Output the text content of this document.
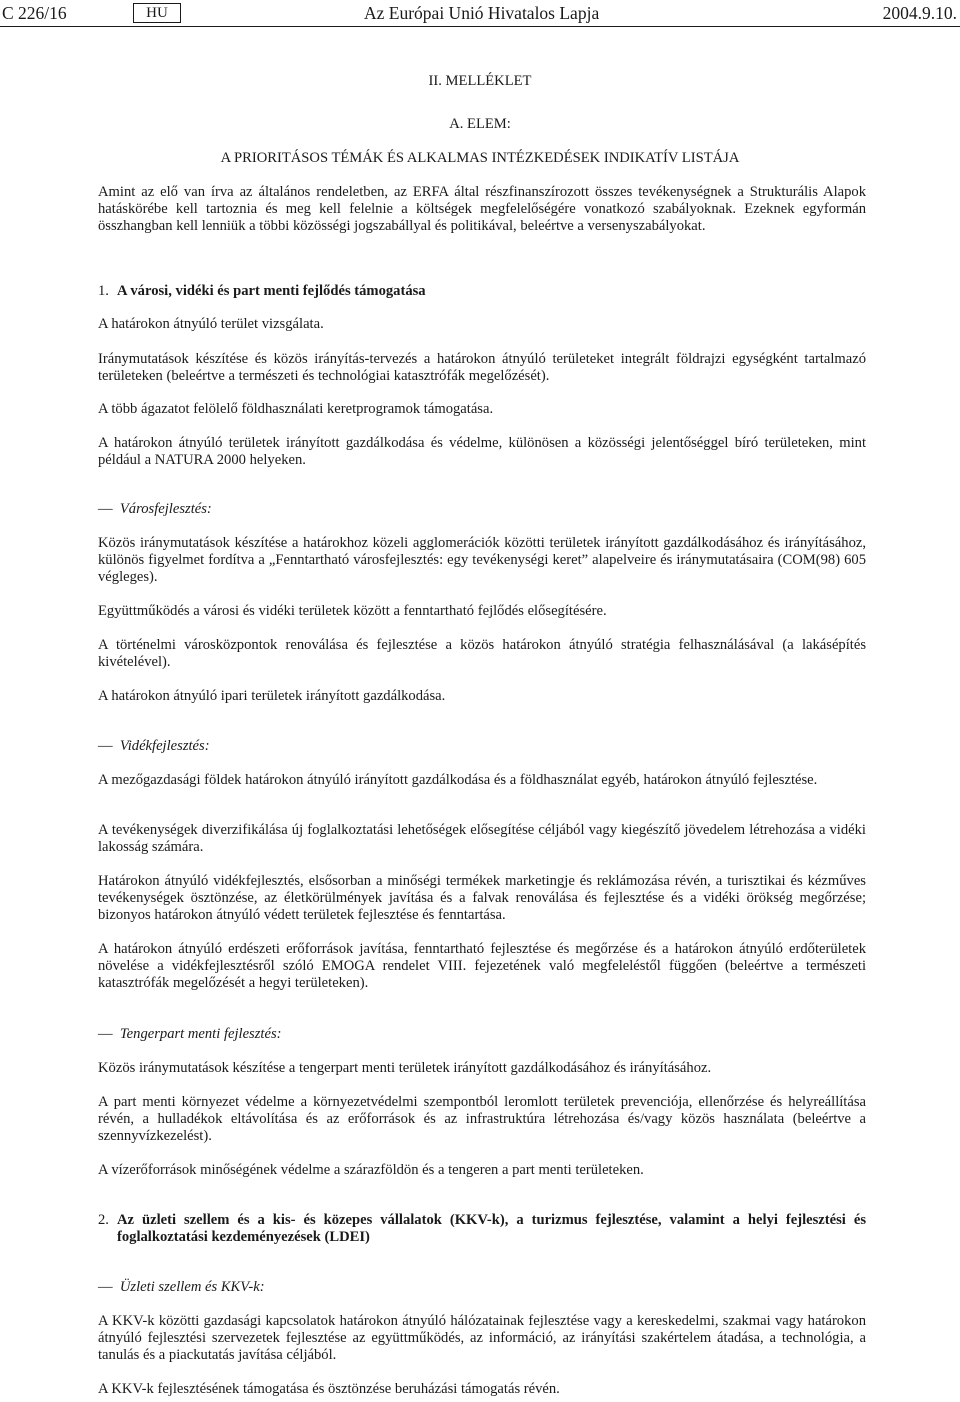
C 226/16	HU	Az Európai Unió Hivatalos Lapja	2004.9.10.
II. MELLÉKLET
A. ELEM:
A PRIORITÁSOS TÉMÁK ÉS ALKALMAS INTÉZKEDÉSEK INDIKATÍV LISTÁJA

Amint az elő van írva az általános rendeletben, az ERFA által részfinanszírozott összes tevékenységnek a Strukturális Alapok hatáskörébe kell tartoznia és meg kell felelnie a költségek megfelelőségére vonatkozó szabályoknak. Ezeknek egyformán összhangban kell lenniük a többi közösségi jogszabállyal és politikával, beleértve a versenyszabályokat.

1. A városi, vidéki és part menti fejlődés támogatása

A határokon átnyúló terület vizsgálata.

Iránymutatások készítése és közös irányítás-tervezés a határokon átnyúló területeket integrált földrajzi egységként tartalmazó területeken (beleértve a természeti és technológiai katasztrófák megelőzését).

A több ágazatot felölelő földhasználati keretprogramok támogatása.

A határokon átnyúló területek irányított gazdálkodása és védelme, különösen a közösségi jelentőséggel bíró területeken, mint például a NATURA 2000 helyeken.

—  Városfejlesztés:

Közös iránymutatások készítése a határokhoz közeli agglomerációk közötti területek irányított gazdálkodásához és irányításához, különös figyelmet fordítva a „Fenntartható városfejlesztés: egy tevékenységi keret” alapelveire és iránymutatásaira (COM(98) 605 végleges).

Együttműködés a városi és vidéki területek között a fenntartható fejlődés elősegítésére.

A történelmi városközpontok renoválása és fejlesztése a közös határokon átnyúló stratégia felhasználásával (a lakásépítés kivételével).

A határokon átnyúló ipari területek irányított gazdálkodása.

—  Vidékfejlesztés:

A mezőgazdasági földek határokon átnyúló irányított gazdálkodása és a földhasználat egyéb, határokon átnyúló fejlesztése.

A tevékenységek diverzifikálása új foglalkoztatási lehetőségek elősegítése céljából vagy kiegészítő jövedelem létrehozása a vidéki lakosság számára.

Határokon átnyúló vidékfejlesztés, elsősorban a minőségi termékek marketingje és reklámozása révén, a turisztikai és kézműves tevékenységek ösztönzése, az életkörülmények javítása és a falvak renoválása és fejlesztése és a vidéki örökség megőrzése; bizonyos határokon átnyúló védett területek fejlesztése és fenntartása.

A határokon átnyúló erdészeti erőforrások javítása, fenntartható fejlesztése és megőrzése és a határokon átnyúló erdőterületek növelése a vidékfejlesztésről szóló EMOGA rendelet VIII. fejezetének való megfeleléstől függően (beleértve a természeti katasztrófák megelőzését a hegyi területeken).

—  Tengerpart menti fejlesztés:

Közös iránymutatások készítése a tengerpart menti területek irányított gazdálkodásához és irányításához.

A part menti környezet védelme a környezetvédelmi szempontból leromlott területek prevenciója, ellenőrzése és helyreállítása révén, a hulladékok eltávolítása és az erőforrások és az infrastruktúra létrehozása és/vagy közös használata (beleértve a szennyvízkezelést).

A vízerőforrások minőségének védelme a szárazföldön és a tengeren a part menti területeken.

2. Az üzleti szellem és a kis- és közepes vállalatok (KKV-k), a turizmus fejlesztése, valamint a helyi fejlesztési és foglalkoztatási kezdeményezések (LDEI)
—  Üzleti szellem és KKV-k:

A KKV-k közötti gazdasági kapcsolatok határokon átnyúló hálózatainak fejlesztése vagy a kereskedelmi, szakmai vagy határokon átnyúló fejlesztési szervezetek fejlesztése az együttműködés, az információ, az irányítási szakértelem átadása, a technológia, a tanulás és a piackutatás javítása céljából.

A KKV-k fejlesztésének támogatása és ösztönzése beruházási támogatás révén.
